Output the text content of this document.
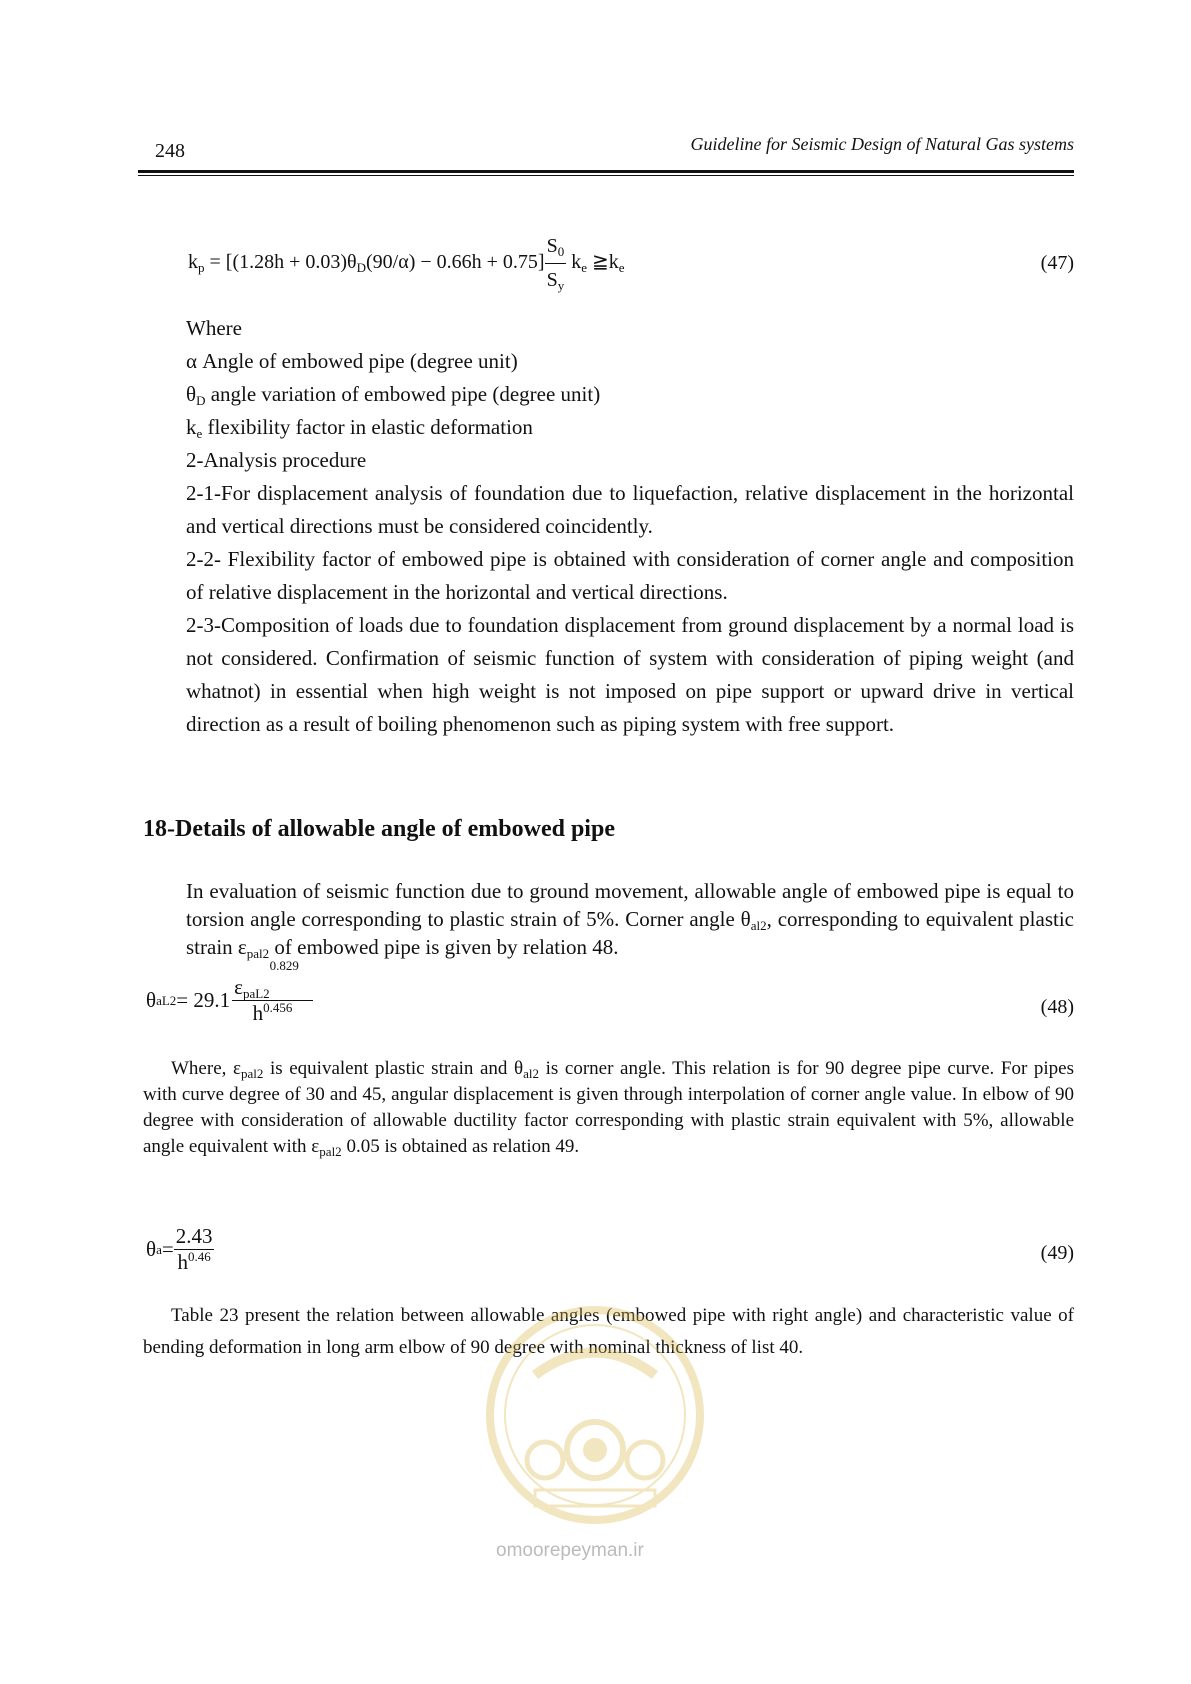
248	Guideline for Seismic Design of Natural Gas systems
$k_p = [(1.28h + 0.03)\theta_D(90/\alpha) - 0.66h + 0.75] \frac{S_0}{S_y} k_e$ $≧k_e$	(47)
Where
α Angle of embowed pipe (degree unit)
$\theta_D$ angle variation of embowed pipe (degree unit)
$k_e$ flexibility factor in elastic deformation
2-Analysis procedure
2-1-For displacement analysis of foundation due to liquefaction, relative displacement in the horizontal and vertical directions must be considered coincidently.
2-2- Flexibility factor of embowed pipe is obtained with consideration of corner angle and composition of relative displacement in the horizontal and vertical directions.
2-3-Composition of loads due to foundation displacement from ground displacement by a normal load is not considered. Confirmation of seismic function of system with consideration of piping weight (and whatnot) in essential when high weight is not imposed on pipe support or upward drive in vertical direction as a result of boiling phenomenon such as piping system with free support.
18-Details of allowable angle of embowed pipe
In evaluation of seismic function due to ground movement, allowable angle of embowed pipe is equal to torsion angle corresponding to plastic strain of 5%. Corner angle $\theta_{al2}$, corresponding to equivalent plastic strain $\varepsilon_{pal2}$ of embowed pipe is given by relation 48.
θ $aL2 = 29.1 \frac{\varepsilon_{paL2}^{0.829}}{h^{0.456}}$	(48)
Where, $\varepsilon_{pal2}$ is equivalent plastic strain and $\theta_{al2}$ is corner angle. This relation is for 90 degree pipe curve. For pipes with curve degree of 30 and 45, angular displacement is given through interpolation of corner angle value. In elbow of 90 degree with consideration of allowable ductility factor corresponding with plastic strain equivalent with 5%, allowable angle equivalent with $\varepsilon_{pal2}$ 0.05 is obtained as relation 49.
θ $a = \frac{2.43}{h^{0.46}}$	(49)
Table 23 present the relation between allowable angles (embowed pipe with right angle) and characteristic value of bending deformation in long arm elbow of 90 degree with nominal thickness of list 40.
omoorepeyman.ir
